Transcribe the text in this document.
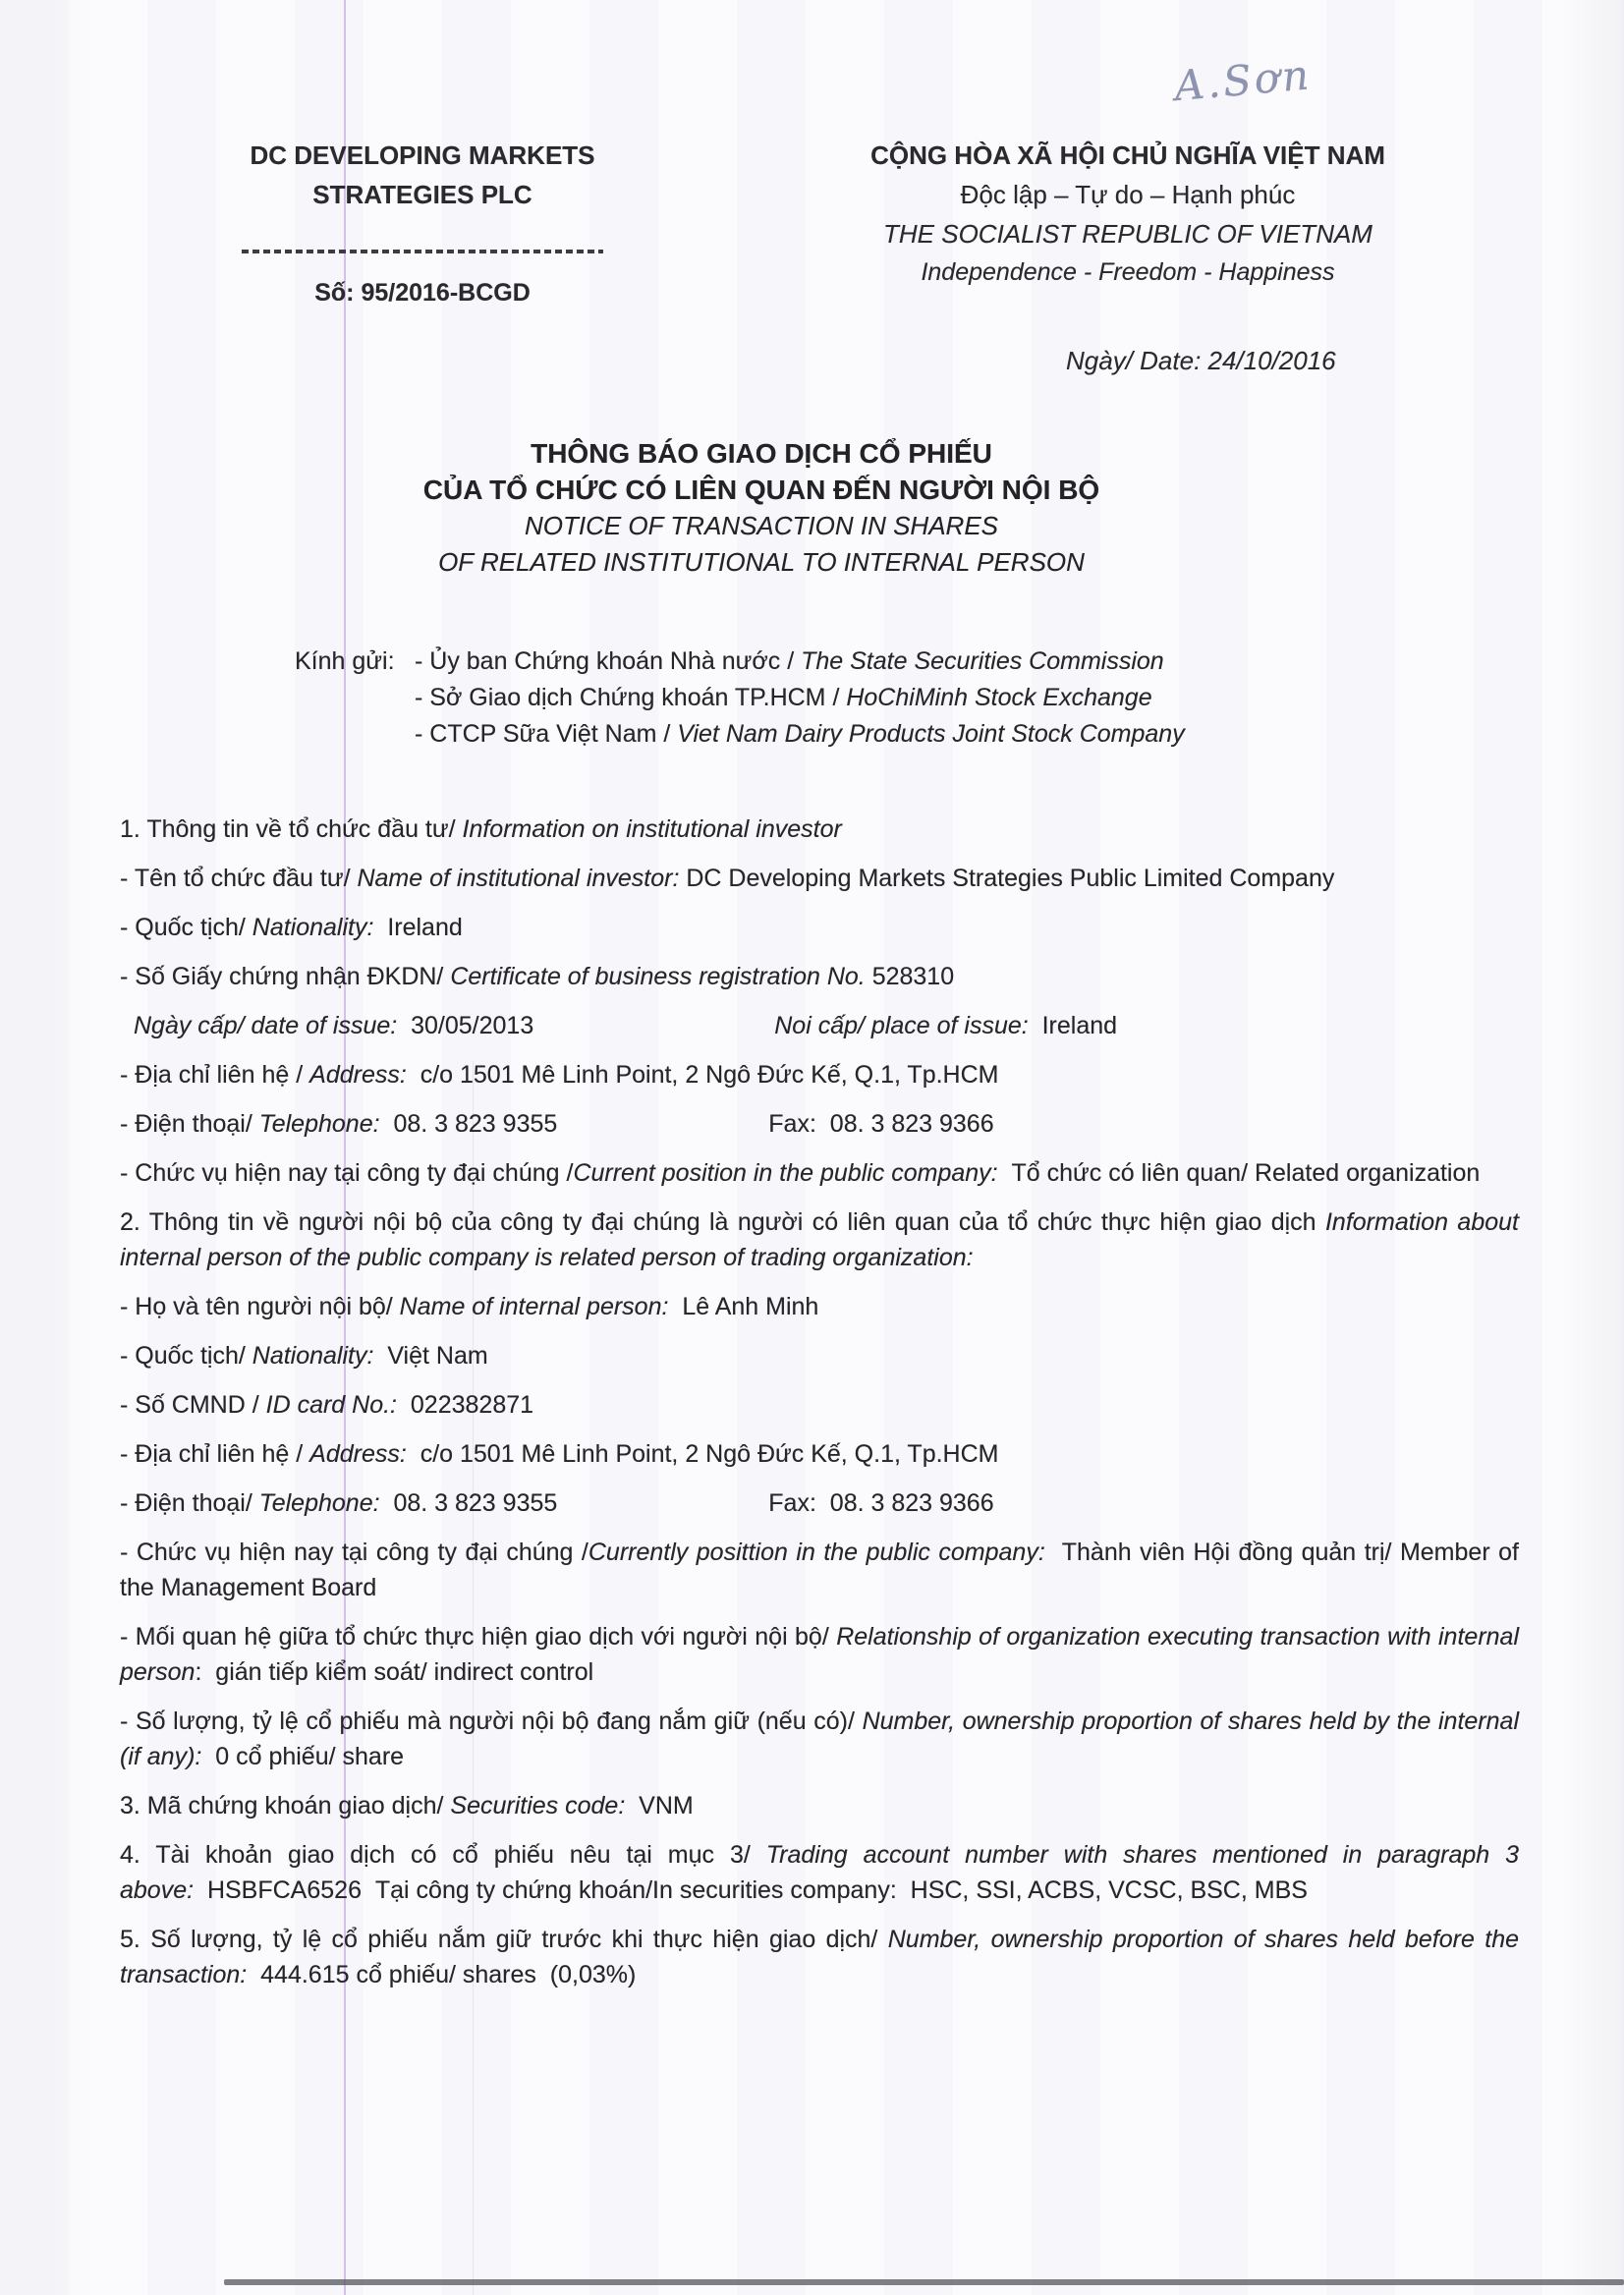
A.Sơn
DC DEVELOPING MARKETS
STRATEGIES PLC
Số: 95/2016-BCGD
CỘNG HÒA XÃ HỘI CHỦ NGHĨA VIỆT NAM
Độc lập – Tự do – Hạnh phúc
THE SOCIALIST REPUBLIC OF VIETNAM
Independence - Freedom - Happiness
Ngày/ Date: 24/10/2016
THÔNG BÁO GIAO DỊCH CỔ PHIẾU
CỦA TỔ CHỨC CÓ LIÊN QUAN ĐẾN NGƯỜI NỘI BỘ
NOTICE OF TRANSACTION IN SHARES
OF RELATED INSTITUTIONAL TO INTERNAL PERSON
Kính gửi: - Ủy ban Chứng khoán Nhà nước / The State Securities Commission
- Sở Giao dịch Chứng khoán TP.HCM / HoChiMinh Stock Exchange
- CTCP Sữa Việt Nam / Viet Nam Dairy Products Joint Stock Company

1. Thông tin về tổ chức đầu tư/ Information on institutional investor

- Tên tổ chức đầu tư/ Name of institutional investor: DC Developing Markets Strategies Public Limited Company

- Quốc tịch/ Nationality:  Ireland

- Số Giấy chứng nhận ĐKDN/ Certificate of business registration No. 528310

Ngày cấp/ date of issue:  30/05/2013	Noi cấp/ place of issue:  Ireland

- Địa chỉ liên hệ / Address:  c/o 1501 Mê Linh Point, 2 Ngô Đức Kế, Q.1, Tp.HCM

- Điện thoại/ Telephone:  08. 3 823 9355	Fax:  08. 3 823 9366

- Chức vụ hiện nay tại công ty đại chúng /Current position in the public company:  Tổ chức có liên quan/ Related organization

2. Thông tin về người nội bộ của công ty đại chúng là người có liên quan của tổ chức thực hiện giao dịch Information about internal person of the public company is related person of trading organization:

- Họ và tên người nội bộ/ Name of internal person:  Lê Anh Minh

- Quốc tịch/ Nationality:  Việt Nam

- Số CMND / ID card No.:  022382871

- Địa chỉ liên hệ / Address:  c/o 1501 Mê Linh Point, 2 Ngô Đức Kế, Q.1, Tp.HCM

- Điện thoại/ Telephone:  08. 3 823 9355	Fax:  08. 3 823 9366

- Chức vụ hiện nay tại công ty đại chúng /Currently posittion in the public company:  Thành viên Hội đồng quản trị/ Member of the Management Board

- Mối quan hệ giữa tổ chức thực hiện giao dịch với người nội bộ/ Relationship of organization executing transaction with internal person:  gián tiếp kiểm soát/ indirect control

- Số lượng, tỷ lệ cổ phiếu mà người nội bộ đang nắm giữ (nếu có)/ Number, ownership proportion of shares held by the internal (if any):  0 cổ phiếu/ share

3. Mã chứng khoán giao dịch/ Securities code:  VNM

4. Tài khoản giao dịch có cổ phiếu nêu tại mục 3/ Trading account number with shares mentioned in paragraph 3 above:  HSBFCA6526  Tại công ty chứng khoán/In securities company:  HSC, SSI, ACBS, VCSC, BSC, MBS

5. Số lượng, tỷ lệ cổ phiếu nắm giữ trước khi thực hiện giao dịch/ Number, ownership proportion of shares held before the transaction:  444.615 cổ phiếu/ shares  (0,03%)
